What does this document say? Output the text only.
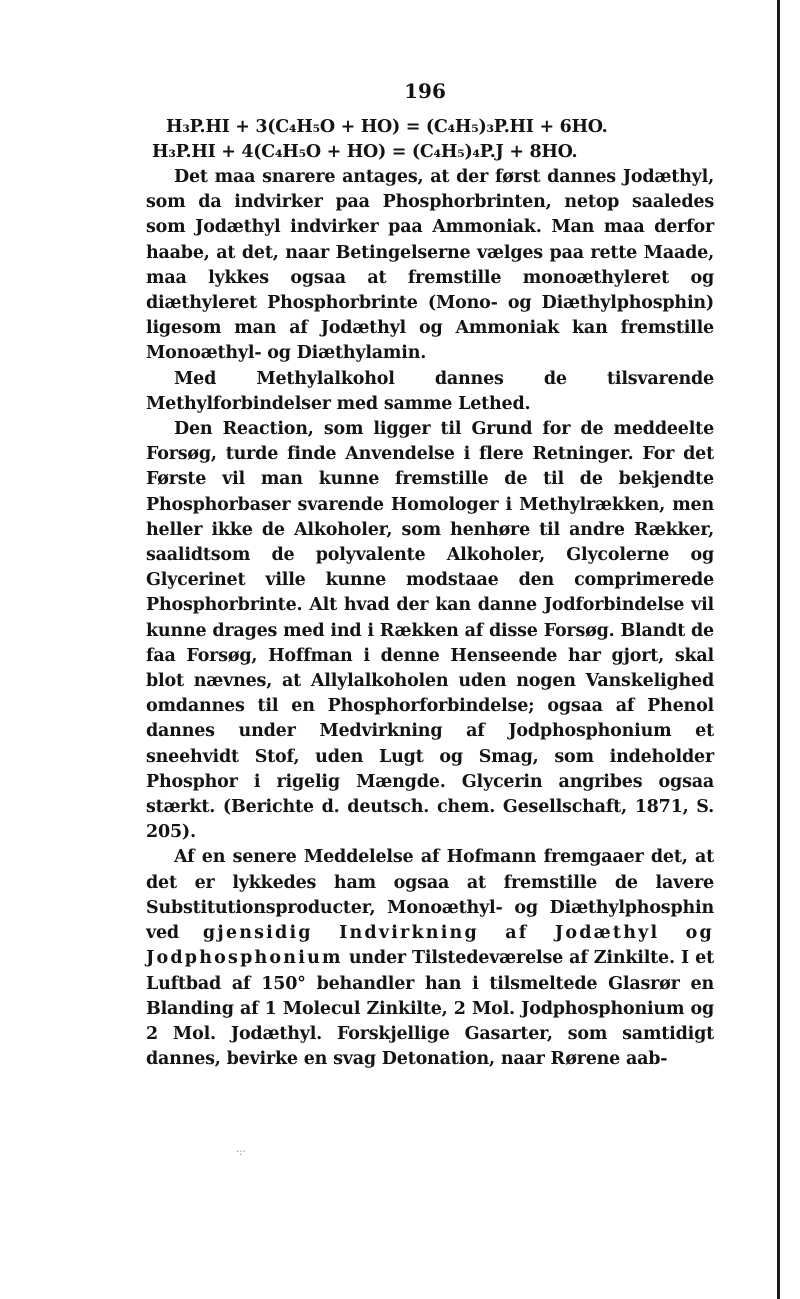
196
H₃P.HI + 3(C₄H₅O + HO) = (C₄H₅)₃P.HI + 6HO.
H₃P.HI + 4(C₄H₅O + HO) = (C₄H₅)₄P.J + 8HO.

Det maa snarere antages, at der først dannes Jodæthyl, som da indvirker paa Phosphorbrinten, netop saaledes som Jodæthyl indvirker paa Ammoniak. Man maa derfor haabe, at det, naar Betingelserne vælges paa rette Maade, maa lykkes ogsaa at fremstille monoæthyleret og diæthyleret Phosphorbrinte (Mono- og Diæthylphosphin) ligesom man af Jodæthyl og Ammoniak kan fremstille Monoæthyl- og Diæthylamin.

Med Methylalkohol dannes de tilsvarende Methylforbindelser med samme Lethed.

Den Reaction, som ligger til Grund for de meddeelte Forsøg, turde finde Anvendelse i flere Retninger. For det Første vil man kunne fremstille de til de bekjendte Phosphorbaser svarende Homologer i Methylrækken, men heller ikke de Alkoholer, som henhøre til andre Rækker, saalidtsom de polyvalente Alkoholer, Glycolerne og Glycerinet ville kunne modstaae den comprimerede Phosphorbrinte. Alt hvad der kan danne Jodforbindelse vil kunne drages med ind i Rækken af disse Forsøg. Blandt de faa Forsøg, Hoffman i denne Henseende har gjort, skal blot nævnes, at Allylalkoholen uden nogen Vanskelighed omdannes til en Phosphorforbindelse; ogsaa af Phenol dannes under Medvirkning af Jodphosphonium et sneehvidt Stof, uden Lugt og Smag, som indeholder Phosphor i rigelig Mængde. Glycerin angribes ogsaa stærkt. (Berichte d. deutsch. chem. Gesellschaft, 1871, S. 205).

Af en senere Meddelelse af Hofmann fremgaaer det, at det er lykkedes ham ogsaa at fremstille de lavere Substitutionsproducter, Monoæthyl- og Diæthylphosphin ved gjensidig Indvirkning af Jodæthyl og Jodphosphonium under Tilstedeværelse af Zinkilte. I et Luftbad af 150° behandler han i tilsmeltede Glasrør en Blanding af 1 Molecul Zinkilte, 2 Mol. Jodphosphonium og 2 Mol. Jodæthyl. Forskjellige Gasarter, som samtidigt dannes, bevirke en svag Detonation, naar Rørene aab-

·:·
